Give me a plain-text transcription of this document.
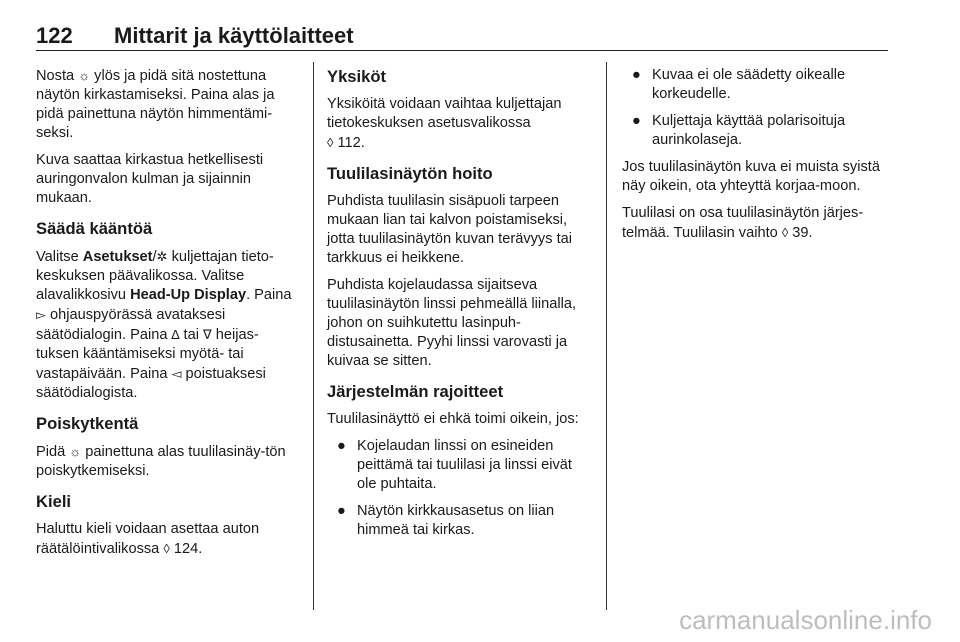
122 Mittarit ja käyttölaitteet

Nosta ☼ ylös ja pidä sitä nostettuna näytön kirkastamiseksi. Paina alas ja pidä painettuna näytön himmentämi-seksi.

Kuva saattaa kirkastua hetkellisesti auringonvalon kulman ja sijainnin mukaan.

Säädä kääntöä

Valitse Asetukset/✲ kuljettajan tieto-keskuksen päävalikossa. Valitse alavalikkosivu Head-Up Display. Paina ▻ ohjauspyörässä avataksesi säätödialogin. Paina ∆ tai ∇ heijas-tuksen kääntämiseksi myötä- tai vastapäivään. Paina ◅ poistuaksesi säätödialogista.

Poiskytkentä

Pidä ☼ painettuna alas tuulilasinäy-tön poiskytkemiseksi.

Kieli

Haluttu kieli voidaan asettaa auton räätälöintivalikossa ◊ 124.

Yksiköt

Yksiköitä voidaan vaihtaa kuljettajan tietokeskuksen asetusvalikossa
◊ 112.

Tuulilasinäytön hoito

Puhdista tuulilasin sisäpuoli tarpeen mukaan lian tai kalvon poistamiseksi, jotta tuulilasinäytön kuvan terävyys tai tarkkuus ei heikkene.

Puhdista kojelaudassa sijaitseva tuulilasinäytön linssi pehmeällä liinalla, johon on suihkutettu lasinpuh-distusainetta. Pyyhi linssi varovasti ja kuivaa se sitten.

Järjestelmän rajoitteet

Tuulilasinäyttö ei ehkä toimi oikein, jos:

● Kojelaudan linssi on esineiden peittämä tai tuulilasi ja linssi eivät ole puhtaita.
● Näytön kirkkausasetus on liian himmeä tai kirkas.
● Kuvaa ei ole säädetty oikealle korkeudelle.
● Kuljettaja käyttää polarisoituja aurinkolaseja.

Jos tuulilasinäytön kuva ei muista syistä näy oikein, ota yhteyttä korjaa-moon.

Tuulilasi on osa tuulilasinäytön järjes-telmää. Tuulilasin vaihto ◊ 39.

carmanualsonline.info
